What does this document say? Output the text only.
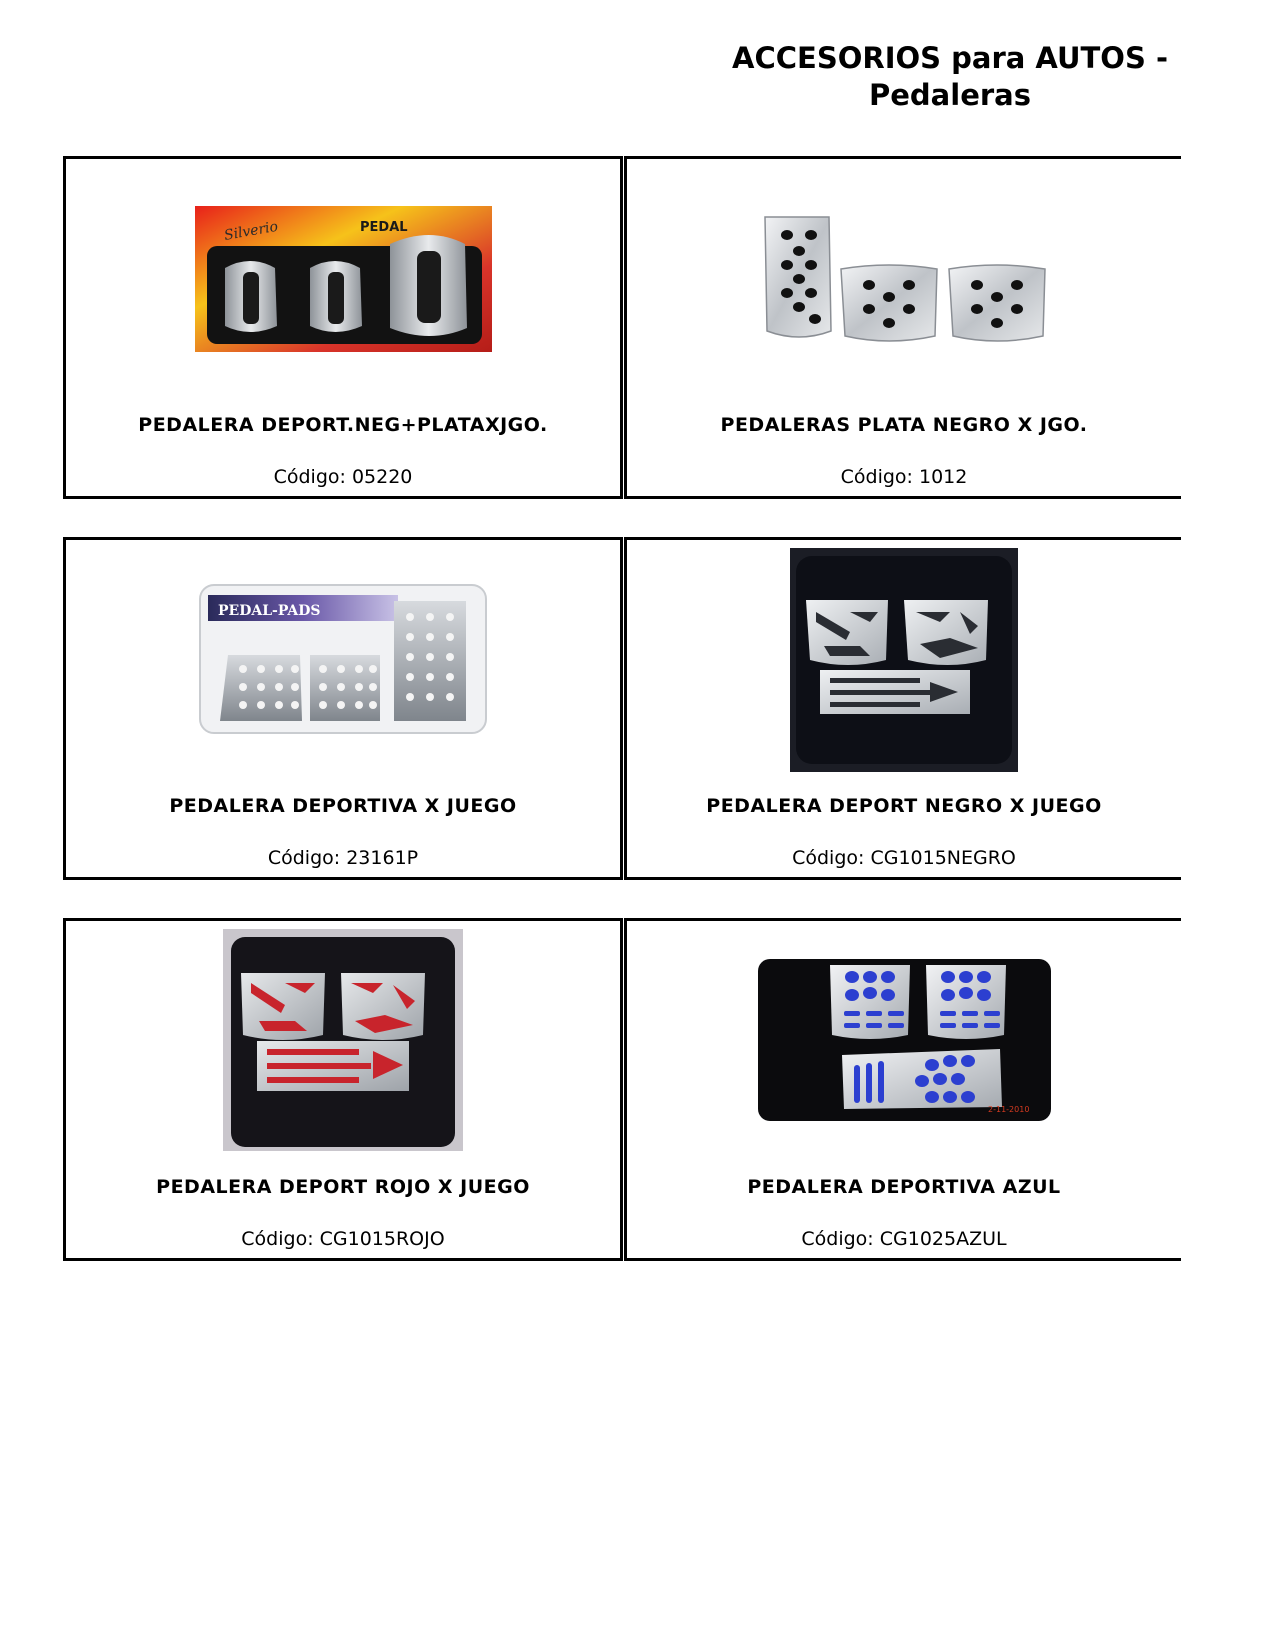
ACCESORIOS para AUTOS -
Pedaleras
Silverio	PEDAL
PEDALERA DEPORT.NEG+PLATAXJGO.
Código: 05220
PEDALERAS PLATA NEGRO X JGO.
Código: 1012
PEDAL-PADS
PEDALERA DEPORTIVA X JUEGO
Código: 23161P
PEDALERA DEPORT NEGRO X JUEGO
Código: CG1015NEGRO
PEDALERA DEPORT ROJO X JUEGO
Código: CG1015ROJO
2-11-2010
PEDALERA DEPORTIVA AZUL
Código: CG1025AZUL
